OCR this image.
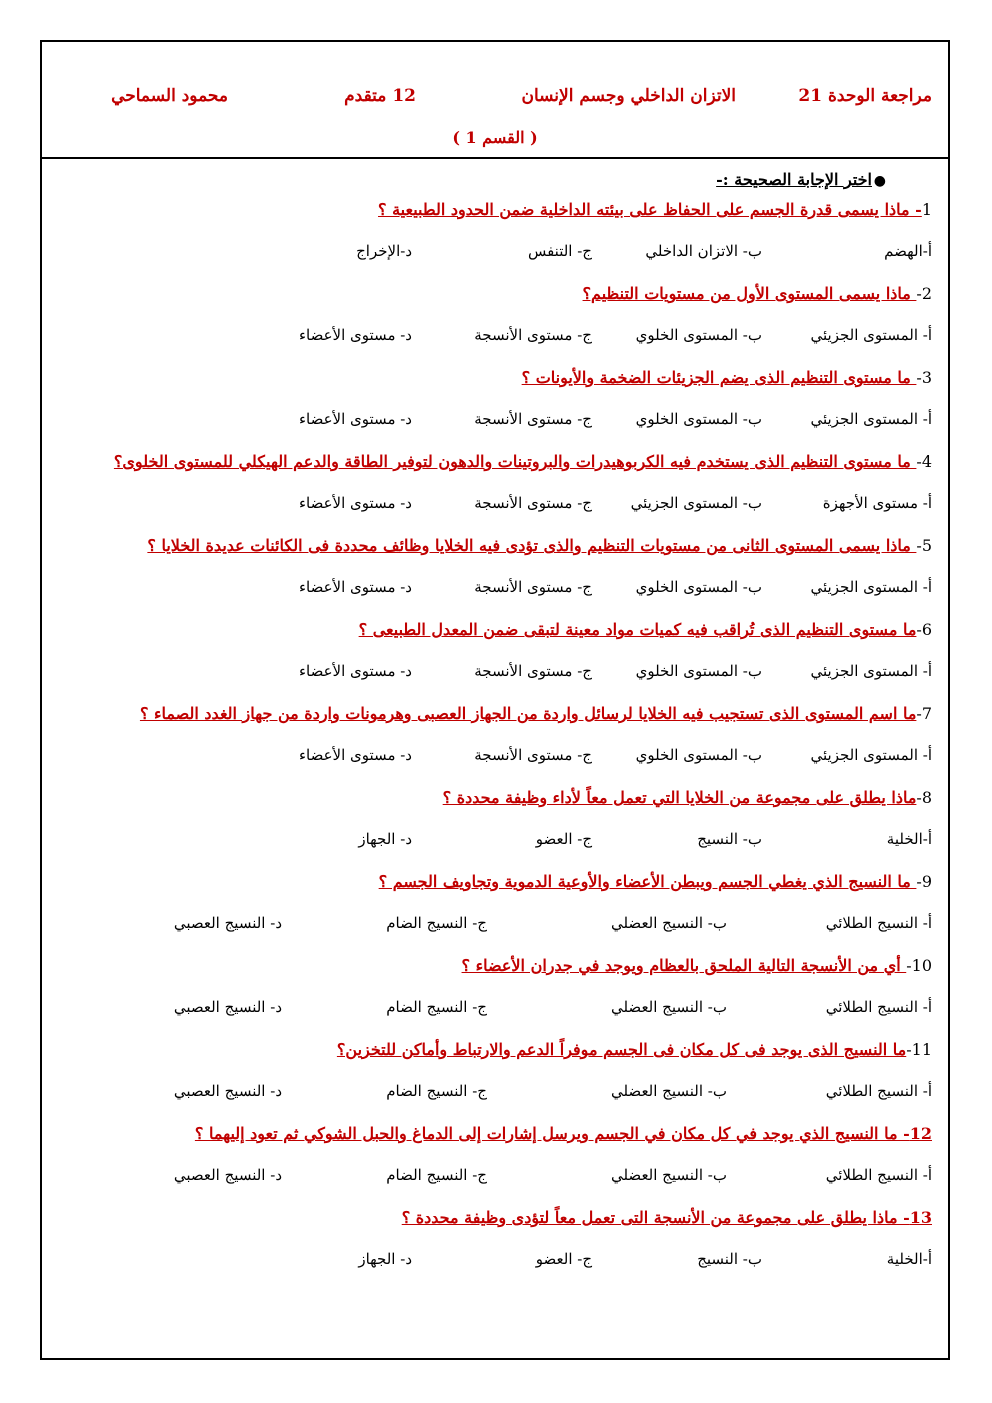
مراجعة الوحدة 21
الاتزان الداخلي وجسم الإنسان
12 متقدم
محمود السماحي
( القسم 1 )
●
اختر الإجابة الصحيحة :-
1- ماذا يسمى قدرة الجسم على الحفاظ على بيئته الداخلية ضمن الحدود الطبيعية ؟
أ-الهضم
ب- الاتزان الداخلي
ج- التنفس
د-الإخراج
2- ماذا يسمى المستوى الأول من مستويات التنظيم؟
أ- المستوى الجزيئي
ب- المستوى الخلوي
ج- مستوى الأنسجة
د- مستوى الأعضاء
3- ما مستوى التنظيم الذى يضم الجزيئات الضخمة والأيونات ؟
أ- المستوى الجزيئي
ب- المستوى الخلوي
ج- مستوى الأنسجة
د- مستوى الأعضاء
4- ما مستوى التنظيم الذى يستخدم فيه الكربوهيدرات والبروتينات والدهون لتوفير الطاقة والدعم الهيكلي للمستوى الخلوى؟
أ- مستوى الأجهزة
ب- المستوى الجزيئي
ج- مستوى الأنسجة
د- مستوى الأعضاء
5- ماذا يسمى المستوى الثانى من مستويات التنظيم والذى تؤدى فيه الخلايا وظائف محددة فى الكائنات عديدة الخلايا ؟
أ- المستوى الجزيئي
ب- المستوى الخلوي
ج- مستوى الأنسجة
د- مستوى الأعضاء
6-ما مستوى التنظيم الذى تُراقب فيه كميات مواد معينة لتبقى ضمن المعدل الطبيعى ؟
أ- المستوى الجزيئي
ب- المستوى الخلوي
ج- مستوى الأنسجة
د- مستوى الأعضاء
7-ما اسم المستوى الذى تستجيب فيه الخلايا لرسائل واردة من الجهاز العصبى وهرمونات واردة من جهاز الغدد الصماء ؟
أ- المستوى الجزيئي
ب- المستوى الخلوي
ج- مستوى الأنسجة
د- مستوى الأعضاء
8-ماذا يطلق على مجموعة من الخلايا التي تعمل معاً لأداء وظيفة محددة ؟
أ-الخلية
ب- النسيج
ج- العضو
د- الجهاز
9- ما النسيج الذي يغطي الجسم ويبطن الأعضاء والأوعية الدموية وتجاويف الجسم ؟
أ- النسيج الطلائي
ب- النسيج العضلي
ج- النسيج الضام
د- النسيج العصبي
10- أي من الأنسجة التالية الملحق بالعظام ويوجد في جدران الأعضاء ؟
أ- النسيج الطلائي
ب- النسيج العضلي
ج- النسيج الضام
د- النسيج العصبي
11-ما النسيج الذى يوجد فى كل مكان فى الجسم موفراً الدعم والارتباط وأماكن للتخزين؟
أ- النسيج الطلائي
ب- النسيج العضلي
ج- النسيج الضام
د- النسيج العصبي
12- ما النسيج الذي يوجد في كل مكان في الجسم ويرسل إشارات إلى الدماغ والحبل الشوكي ثم تعود إليهما ؟
أ- النسيج الطلائي
ب- النسيج العضلي
ج- النسيج الضام
د- النسيج العصبي
13- ماذا يطلق على مجموعة من الأنسجة التى تعمل معاً لتؤدى وظيفة محددة ؟
أ-الخلية
ب- النسيج
ج- العضو
د- الجهاز
